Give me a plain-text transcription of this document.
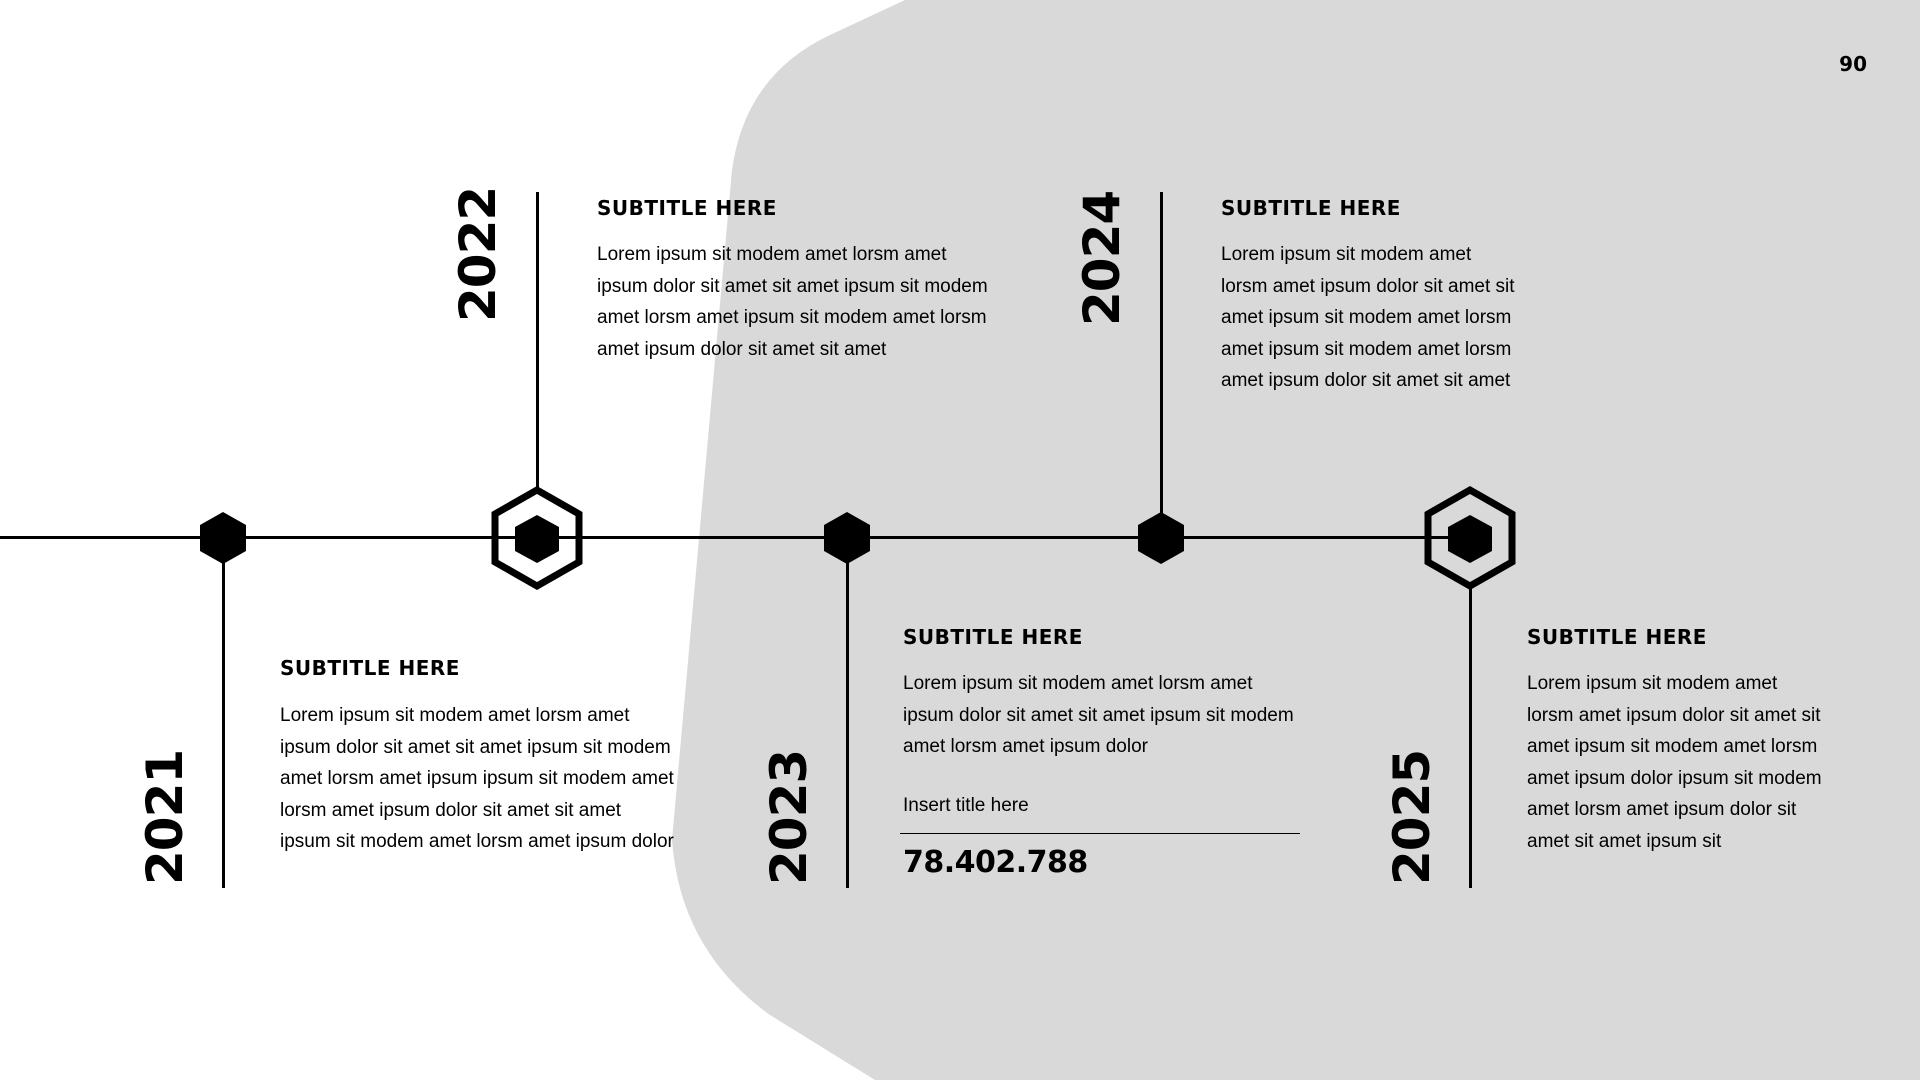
90
2021
SUBTITLE HERE
Lorem ipsum sit modem amet lorsm amet ipsum dolor sit amet sit amet ipsum sit modem amet lorsm amet ipsum ipsum sit modem amet lorsm amet ipsum dolor sit amet sit amet ipsum sit modem amet lorsm amet ipsum dolor
2022	SUBTITLE HERE
Lorem ipsum sit modem amet lorsm amet ipsum dolor sit amet sit amet ipsum sit modem amet lorsm amet ipsum sit modem amet lorsm amet ipsum dolor sit amet sit amet
2023
SUBTITLE HERE
Lorem ipsum sit modem amet lorsm amet ipsum dolor sit amet sit amet ipsum sit modem amet lorsm amet ipsum dolor
Insert title here
78.402.788
2024	SUBTITLE HERE
Lorem ipsum sit modem amet lorsm amet ipsum dolor sit amet sit amet ipsum sit modem amet lorsm amet ipsum sit modem amet lorsm amet ipsum dolor sit amet sit amet
2025
SUBTITLE HERE
Lorem ipsum sit modem amet lorsm amet ipsum dolor sit amet sit amet ipsum sit modem amet lorsm amet ipsum dolor ipsum sit modem amet lorsm amet ipsum dolor sit amet sit amet ipsum sit
